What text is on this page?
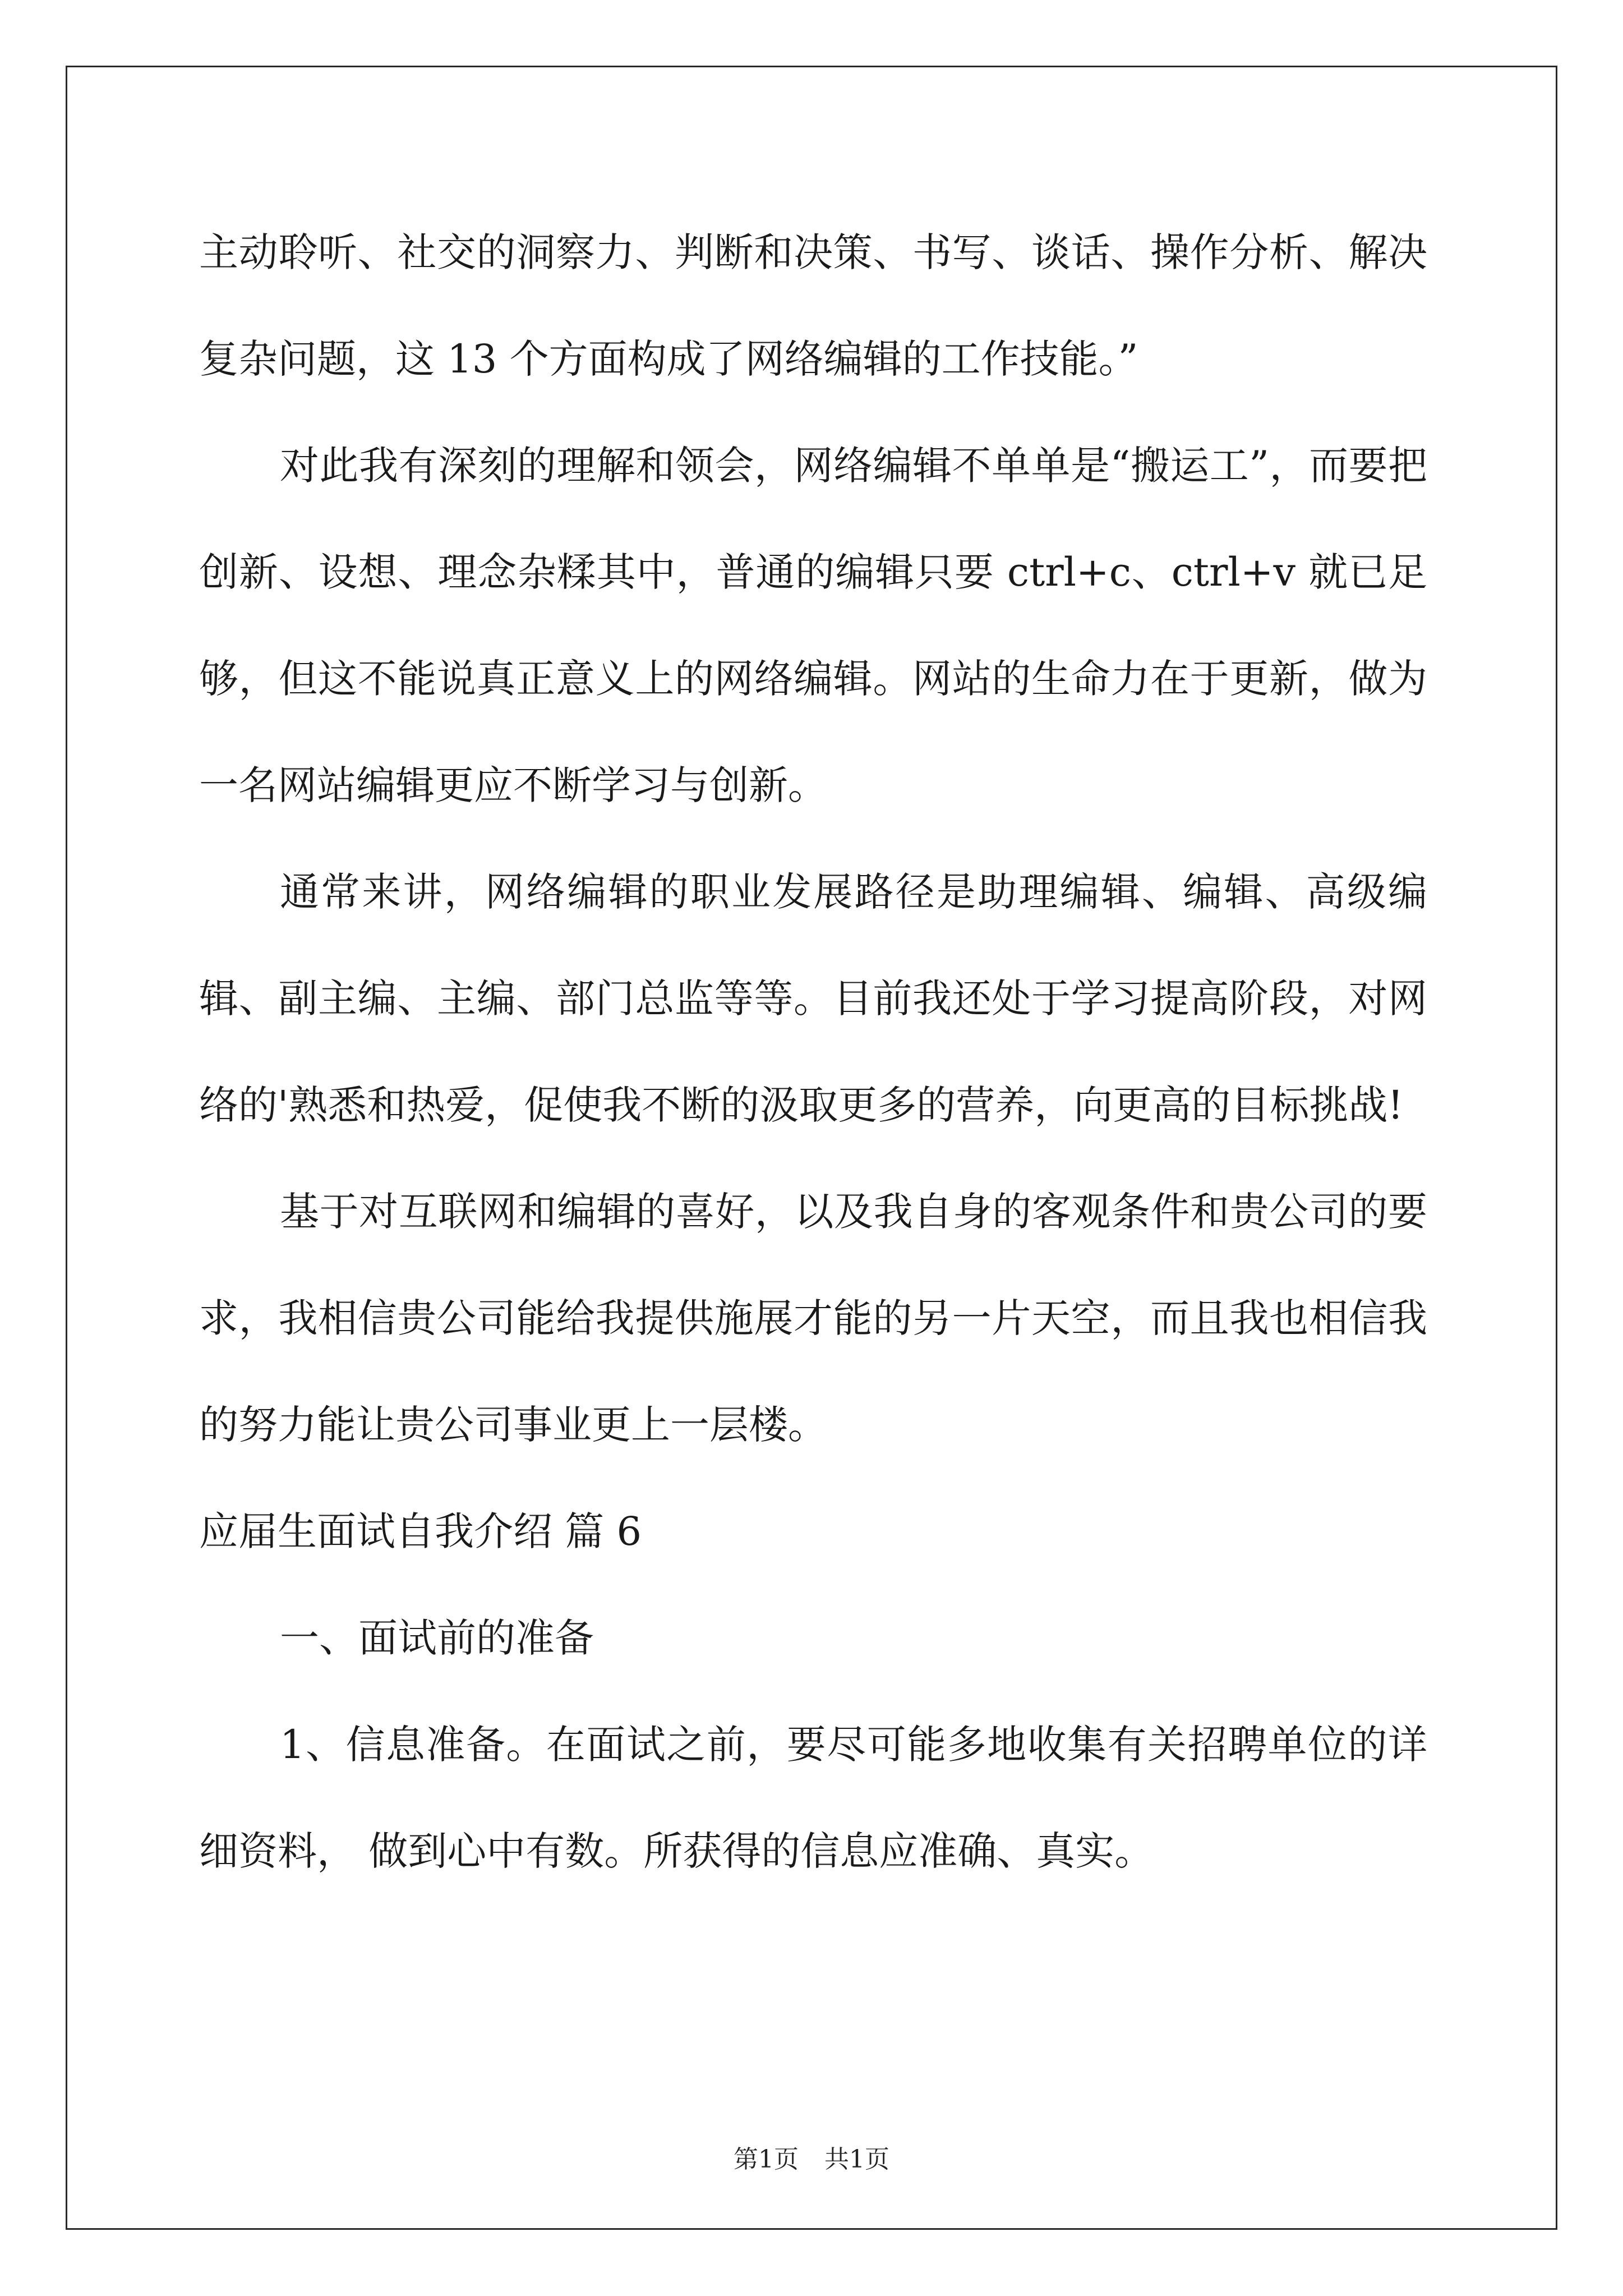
主动聆听、社交的洞察力、判断和决策、书写、谈话、操作分析、解决复杂问题，这 13 个方面构成了网络编辑的工作技能。”

对此我有深刻的理解和领会，网络编辑不单单是“搬运工”，而要把创新、设想、理念杂糅其中，普通的编辑只要 ctrl+c、ctrl+v 就已足够，但这不能说真正意义上的网络编辑。网站的生命力在于更新，做为一名网站编辑更应不断学习与创新。

通常来讲，网络编辑的职业发展路径是助理编辑、编辑、高级编辑、副主编、主编、部门总监等等。目前我还处于学习提高阶段，对网络的'熟悉和热爱，促使我不断的汲取更多的营养，向更高的目标挑战!

基于对互联网和编辑的喜好，以及我自身的客观条件和贵公司的要求，我相信贵公司能给我提供施展才能的另一片天空，而且我也相信我的努力能让贵公司事业更上一层楼。

应届生面试自我介绍 篇 6

一、面试前的准备

1、信息准备。在面试之前，要尽可能多地收集有关招聘单位的详细资料， 做到心中有数。所获得的信息应准确、真实。

第1页 共1页
